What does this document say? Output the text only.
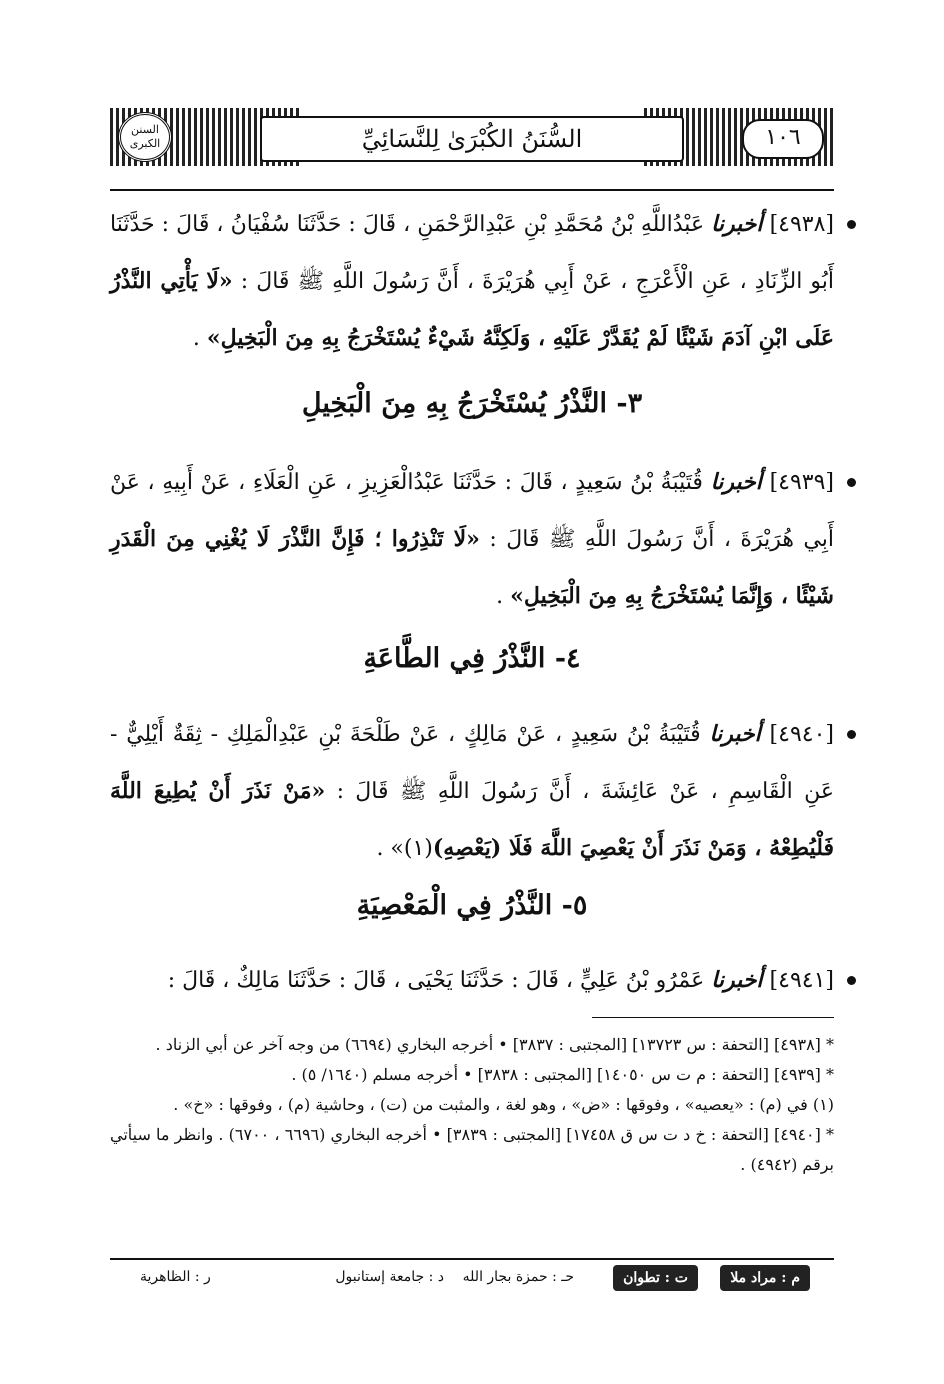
السنن الكبرى	السُّنَنُ الكُبْرَىٰ لِلنَّسَائِيِّ	١٠٦
[٤٩٣٨] أخبرنا عَبْدُاللَّهِ بْنُ مُحَمَّدِ بْنِ عَبْدِالرَّحْمَنِ ، قَالَ : حَدَّثَنَا سُفْيَانُ ، قَالَ : حَدَّثَنَا أَبُو الزِّنَادِ ، عَنِ الْأَعْرَجِ ، عَنْ أَبِي هُرَيْرَةَ ، أَنَّ رَسُولَ اللَّهِ ﷺ قَالَ : «لَا يَأْتِي النَّذْرُ عَلَى ابْنِ آدَمَ شَيْئًا لَمْ يُقَدَّرْ عَلَيْهِ ، وَلَكِنَّهُ شَيْءٌ يُسْتَخْرَجُ بِهِ مِنَ الْبَخِيلِ» .
٣- النَّذْرُ يُسْتَخْرَجُ بِهِ مِنَ الْبَخِيلِ
[٤٩٣٩] أخبرنا قُتَيْبَةُ بْنُ سَعِيدٍ ، قَالَ : حَدَّثَنَا عَبْدُالْعَزِيزِ ، عَنِ الْعَلَاءِ ، عَنْ أَبِيهِ ، عَنْ أَبِي هُرَيْرَةَ ، أَنَّ رَسُولَ اللَّهِ ﷺ قَالَ : «لَا تَنْذِرُوا ؛ فَإِنَّ النَّذْرَ لَا يُغْنِي مِنَ الْقَدَرِ شَيْئًا ، وَإِنَّمَا يُسْتَخْرَجُ بِهِ مِنَ الْبَخِيلِ» .
٤- النَّذْرُ فِي الطَّاعَةِ
[٤٩٤٠] أخبرنا قُتَيْبَةُ بْنُ سَعِيدٍ ، عَنْ مَالِكٍ ، عَنْ طَلْحَةَ بْنِ عَبْدِالْمَلِكِ - ثِقَةٌ أَيْلِيٌّ - عَنِ الْقَاسِمِ ، عَنْ عَائِشَةَ ، أَنَّ رَسُولَ اللَّهِ ﷺ قَالَ : «مَنْ نَذَرَ أَنْ يُطِيعَ اللَّهَ فَلْيُطِعْهُ ، وَمَنْ نَذَرَ أَنْ يَعْصِيَ اللَّهَ فَلَا (يَعْصِهِ)(١)» .
٥- النَّذْرُ فِي الْمَعْصِيَةِ
[٤٩٤١] أخبرنا عَمْرُو بْنُ عَلِيٍّ ، قَالَ : حَدَّثَنَا يَحْيَى ، قَالَ : حَدَّثَنَا مَالِكٌ ، قَالَ :
* [٤٩٣٨] [التحفة : س ١٣٧٢٣] [المجتبى : ٣٨٣٧] • أخرجه البخاري (٦٦٩٤) من وجه آخر عن أبي الزناد .
* [٤٩٣٩] [التحفة : م ت س ١٤٠٥٠] [المجتبى : ٣٨٣٨] • أخرجه مسلم (١٦٤٠/ ٥) .
(١) في (م) : «يعصيه» ، وفوقها : «ض» ، وهو لغة ، والمثبت من (ت) ، وحاشية (م) ، وفوقها : «خ» .
* [٤٩٤٠] [التحفة : خ د ت س ق ١٧٤٥٨] [المجتبى : ٣٨٣٩] • أخرجه البخاري (٦٦٩٦ ، ٦٧٠٠) . وانظر ما سيأتي برقم (٤٩٤٢) .
م : مراد ملا
ت : تطوان
حـ : حمزة بجار الله
د : جامعة إستانبول
ر : الظاهرية
